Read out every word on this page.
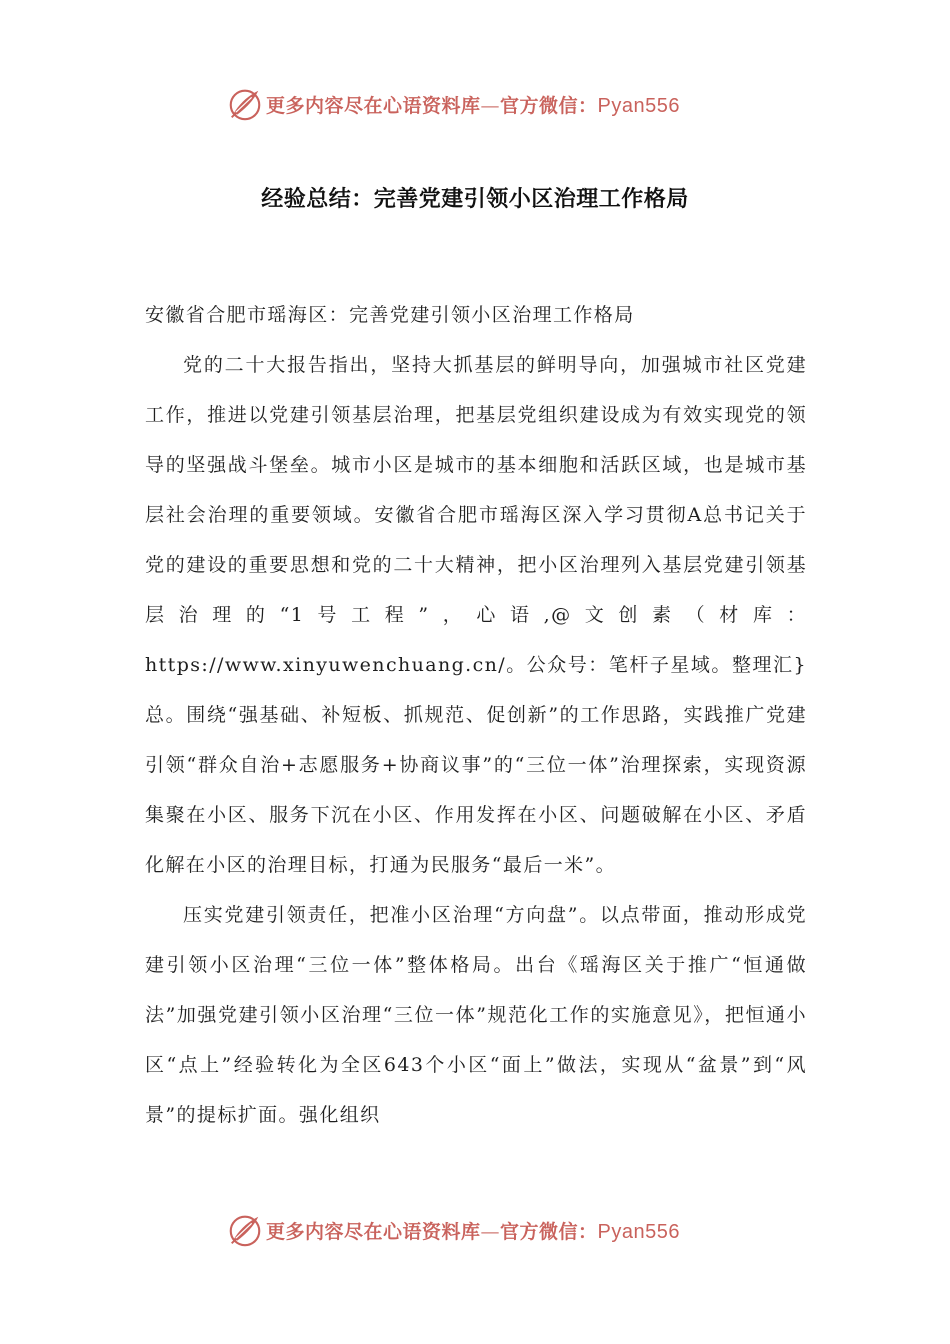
更多内容尽在心语资料库—官方微信：Pyan556
经验总结：完善党建引领小区治理工作格局

安徽省合肥市瑶海区：完善党建引领小区治理工作格局

党的二十大报告指出，坚持大抓基层的鲜明导向，加强城市社区党建工作，推进以党建引领基层治理，把基层党组织建设成为有效实现党的领导的坚强战斗堡垒。城市小区是城市的基本细胞和活跃区域，也是城市基层社会治理的重要领域。安徽省合肥市瑶海区深入学习贯彻A总书记关于党的建设的重要思想和党的二十大精神，把小区治理列入基层党建引领基层治理的“1号工程”，心语,@文创素（材库：https://www.xinyuwenchuang.cn/。公众号：笔杆子星域。整理汇}总。围绕“强基础、补短板、抓规范、促创新”的工作思路，实践推广党建引领“群众自治+志愿服务+协商议事”的“三位一体”治理探索，实现资源集聚在小区、服务下沉在小区、作用发挥在小区、问题破解在小区、矛盾化解在小区的治理目标，打通为民服务“最后一米”。

压实党建引领责任，把准小区治理“方向盘”。以点带面，推动形成党建引领小区治理“三位一体”整体格局。出台《瑶海区关于推广“恒通做法”加强党建引领小区治理“三位一体”规范化工作的实施意见》，把恒通小区“点上”经验转化为全区643个小区“面上”做法，实现从“盆景”到“风景”的提标扩面。强化组织

更多内容尽在心语资料库—官方微信：Pyan556
